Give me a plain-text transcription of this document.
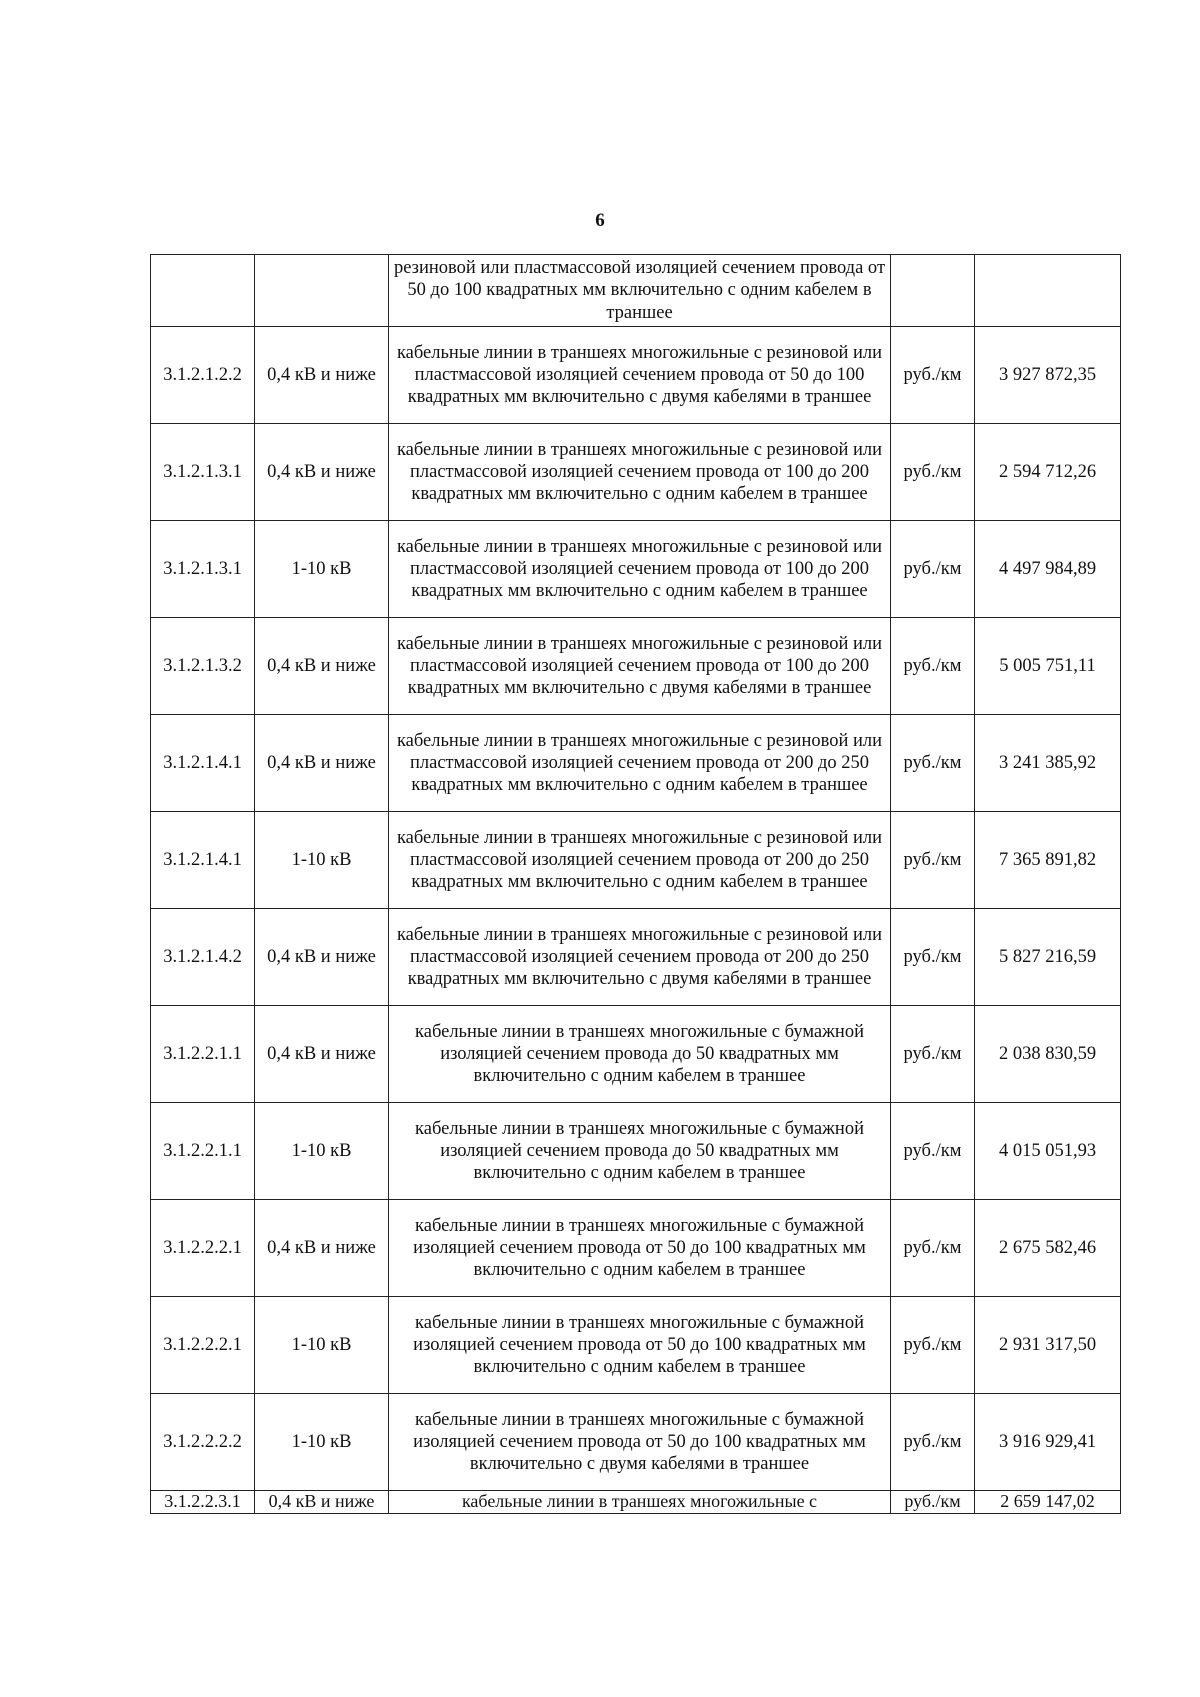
6
		резиновой или пластмассовой изоляцией сечением провода от 50 до 100 квадратных мм включительно с одним кабелем в траншее		
3.1.2.1.2.2	0,4 кВ и ниже	кабельные линии в траншеях многожильные с резиновой или пластмассовой изоляцией сечением провода от 50 до 100 квадратных мм включительно с двумя кабелями в траншее	руб./км	3 927 872,35
3.1.2.1.3.1	0,4 кВ и ниже	кабельные линии в траншеях многожильные с резиновой или пластмассовой изоляцией сечением провода от 100 до 200 квадратных мм включительно с одним кабелем в траншее	руб./км	2 594 712,26
3.1.2.1.3.1	1-10 кВ	кабельные линии в траншеях многожильные с резиновой или пластмассовой изоляцией сечением провода от 100 до 200 квадратных мм включительно с одним кабелем в траншее	руб./км	4 497 984,89
3.1.2.1.3.2	0,4 кВ и ниже	кабельные линии в траншеях многожильные с резиновой или пластмассовой изоляцией сечением провода от 100 до 200 квадратных мм включительно с двумя кабелями в траншее	руб./км	5 005 751,11
3.1.2.1.4.1	0,4 кВ и ниже	кабельные линии в траншеях многожильные с резиновой или пластмассовой изоляцией сечением провода от 200 до 250 квадратных мм включительно с одним кабелем в траншее	руб./км	3 241 385,92
3.1.2.1.4.1	1-10 кВ	кабельные линии в траншеях многожильные с резиновой или пластмассовой изоляцией сечением провода от 200 до 250 квадратных мм включительно с одним кабелем в траншее	руб./км	7 365 891,82
3.1.2.1.4.2	0,4 кВ и ниже	кабельные линии в траншеях многожильные с резиновой или пластмассовой изоляцией сечением провода от 200 до 250 квадратных мм включительно с двумя кабелями в траншее	руб./км	5 827 216,59
3.1.2.2.1.1	0,4 кВ и ниже	кабельные линии в траншеях многожильные с бумажной изоляцией сечением провода до 50 квадратных мм включительно с одним кабелем в траншее	руб./км	2 038 830,59
3.1.2.2.1.1	1-10 кВ	кабельные линии в траншеях многожильные с бумажной изоляцией сечением провода до 50 квадратных мм включительно с одним кабелем в траншее	руб./км	4 015 051,93
3.1.2.2.2.1	0,4 кВ и ниже	кабельные линии в траншеях многожильные с бумажной изоляцией сечением провода от 50 до 100 квадратных мм включительно с одним кабелем в траншее	руб./км	2 675 582,46
3.1.2.2.2.1	1-10 кВ	кабельные линии в траншеях многожильные с бумажной изоляцией сечением провода от 50 до 100 квадратных мм включительно с одним кабелем в траншее	руб./км	2 931 317,50
3.1.2.2.2.2	1-10 кВ	кабельные линии в траншеях многожильные с бумажной изоляцией сечением провода от 50 до 100 квадратных мм включительно с двумя кабелями в траншее	руб./км	3 916 929,41
3.1.2.2.3.1	0,4 кВ и ниже	кабельные линии в траншеях многожильные с	руб./км	2 659 147,02
